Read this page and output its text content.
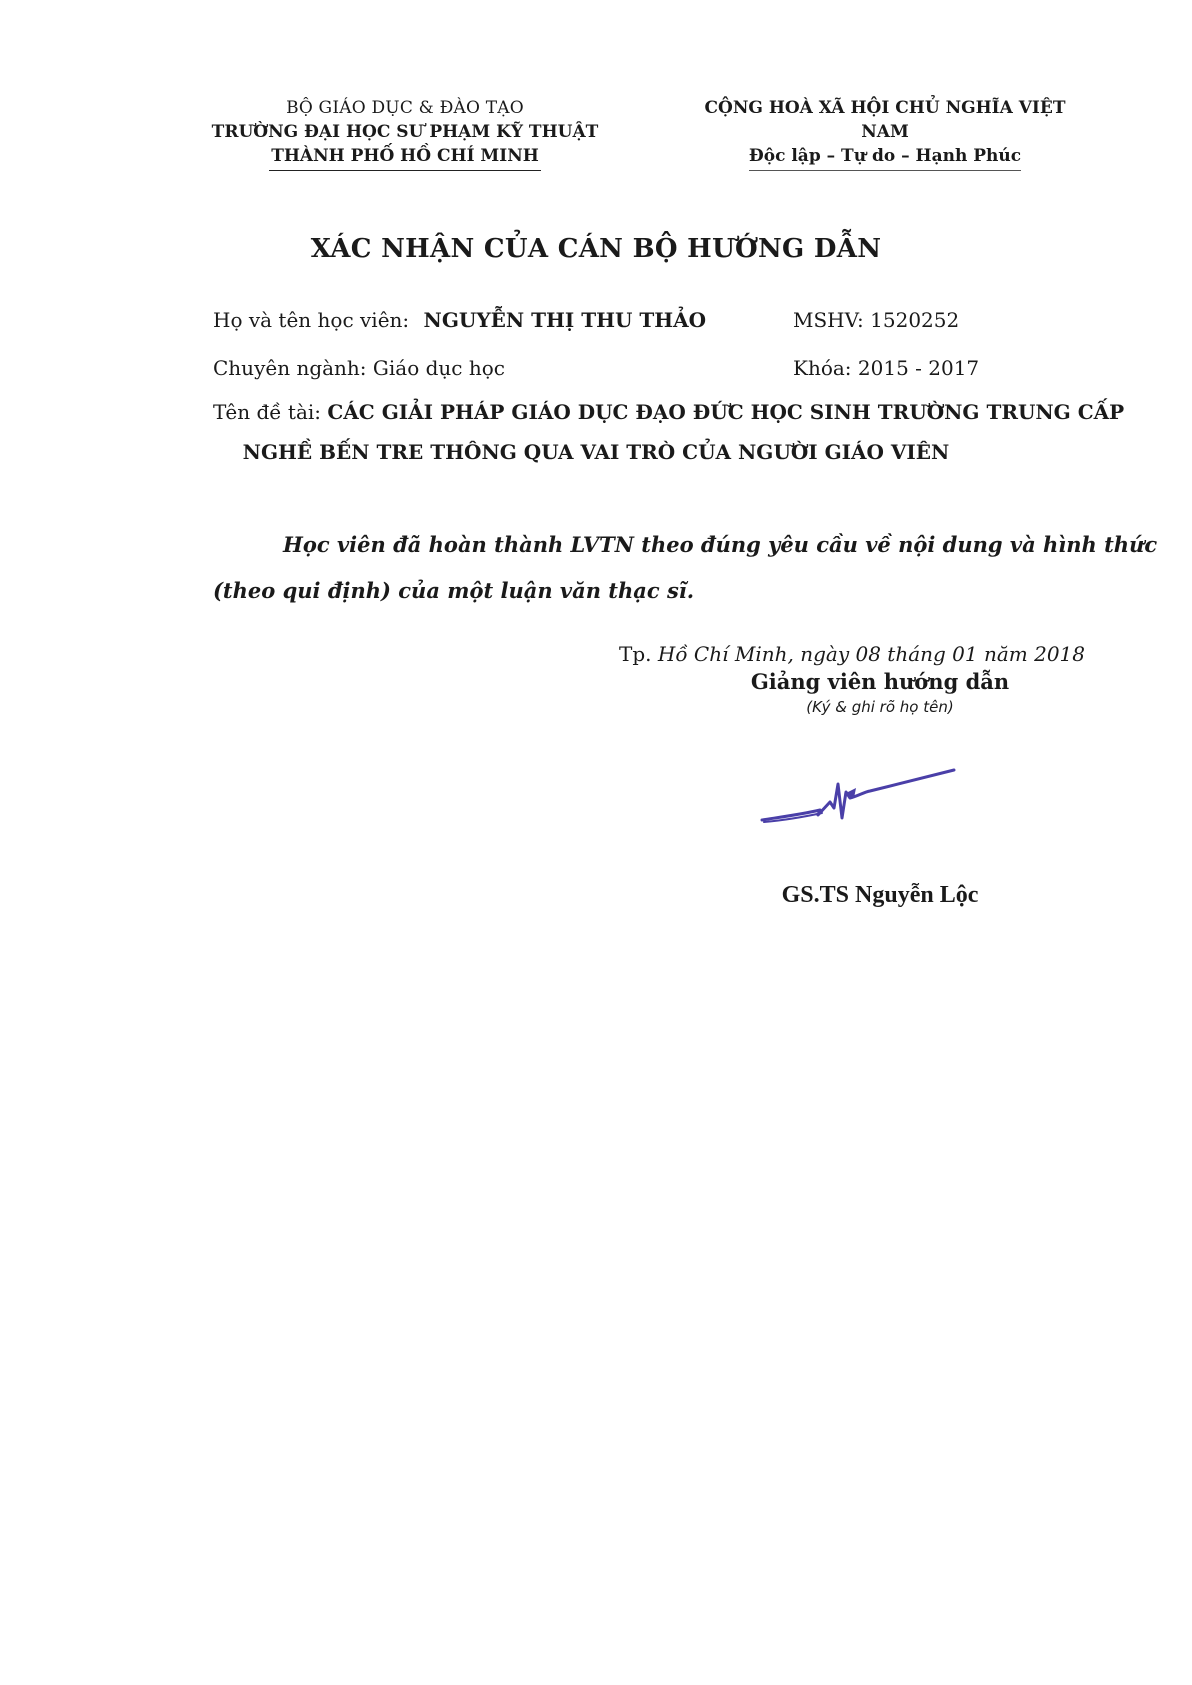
BỘ GIÁO DỤC & ĐÀO TẠO
TRƯỜNG ĐẠI HỌC SƯ PHẠM KỸ THUẬT
THÀNH PHỐ HỒ CHÍ MINH
CỘNG HOÀ XÃ HỘI CHỦ NGHĨA VIỆT NAM
Độc lập – Tự do – Hạnh Phúc
XÁC NHẬN CỦA CÁN BỘ HƯỚNG DẪN
Họ và tên học viên: NGUYỄN THỊ THU THẢO	MSHV: 1520252
Chuyên ngành: Giáo dục học	Khóa: 2015 - 2017
Tên đề tài: CÁC GIẢI PHÁP GIÁO DỤC ĐẠO ĐỨC HỌC SINH TRƯỜNG TRUNG CẤP
NGHỀ BẾN TRE THÔNG QUA VAI TRÒ CỦA NGƯỜI GIÁO VIÊN
Học viên đã hoàn thành LVTN theo đúng yêu cầu về nội dung và hình thức
(theo qui định) của một luận văn thạc sĩ.
Tp. Hồ Chí Minh, ngày 08 tháng 01 năm 2018
Giảng viên hướng dẫn
(Ký & ghi rõ họ tên)
GS.TS Nguyễn Lộc
